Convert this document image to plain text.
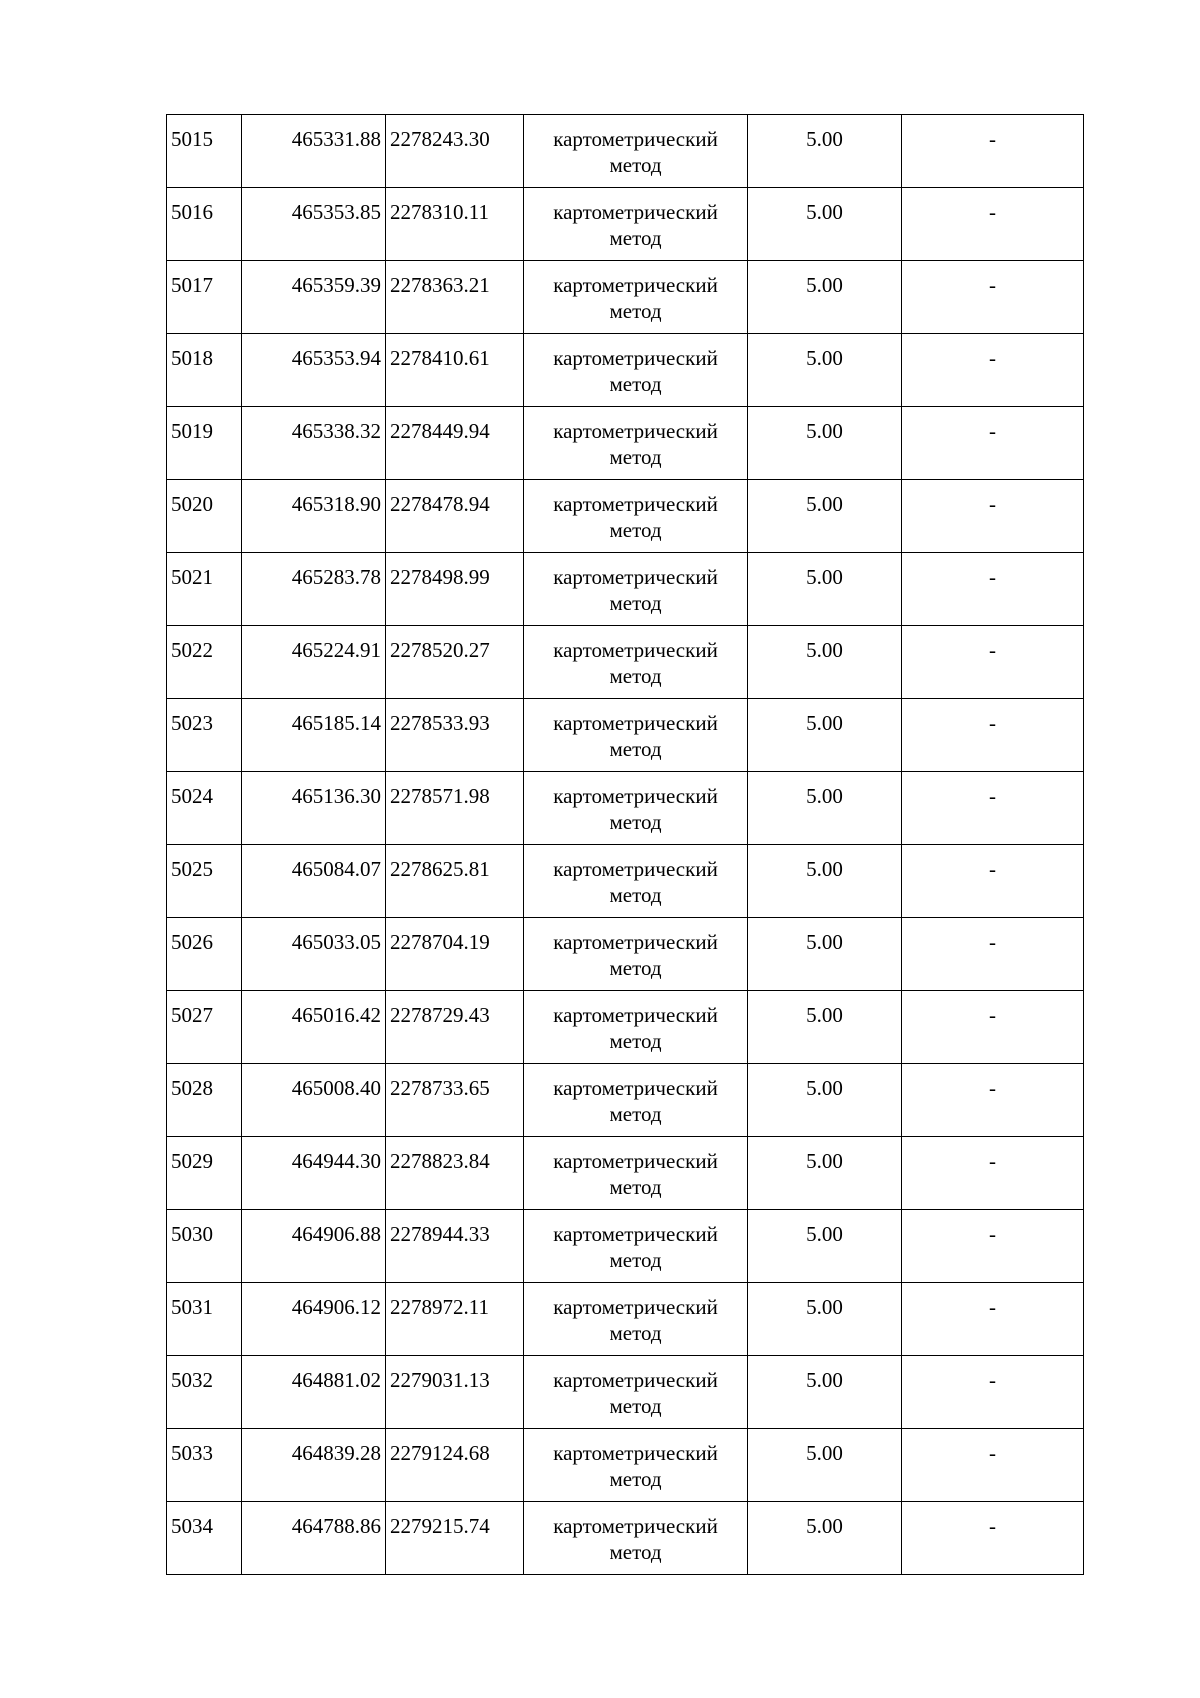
5015	465331.88	2278243.30	картометрический метод	5.00	-
5016	465353.85	2278310.11	картометрический метод	5.00	-
5017	465359.39	2278363.21	картометрический метод	5.00	-
5018	465353.94	2278410.61	картометрический метод	5.00	-
5019	465338.32	2278449.94	картометрический метод	5.00	-
5020	465318.90	2278478.94	картометрический метод	5.00	-
5021	465283.78	2278498.99	картометрический метод	5.00	-
5022	465224.91	2278520.27	картометрический метод	5.00	-
5023	465185.14	2278533.93	картометрический метод	5.00	-
5024	465136.30	2278571.98	картометрический метод	5.00	-
5025	465084.07	2278625.81	картометрический метод	5.00	-
5026	465033.05	2278704.19	картометрический метод	5.00	-
5027	465016.42	2278729.43	картометрический метод	5.00	-
5028	465008.40	2278733.65	картометрический метод	5.00	-
5029	464944.30	2278823.84	картометрический метод	5.00	-
5030	464906.88	2278944.33	картометрический метод	5.00	-
5031	464906.12	2278972.11	картометрический метод	5.00	-
5032	464881.02	2279031.13	картометрический метод	5.00	-
5033	464839.28	2279124.68	картометрический метод	5.00	-
5034	464788.86	2279215.74	картометрический метод	5.00	-
